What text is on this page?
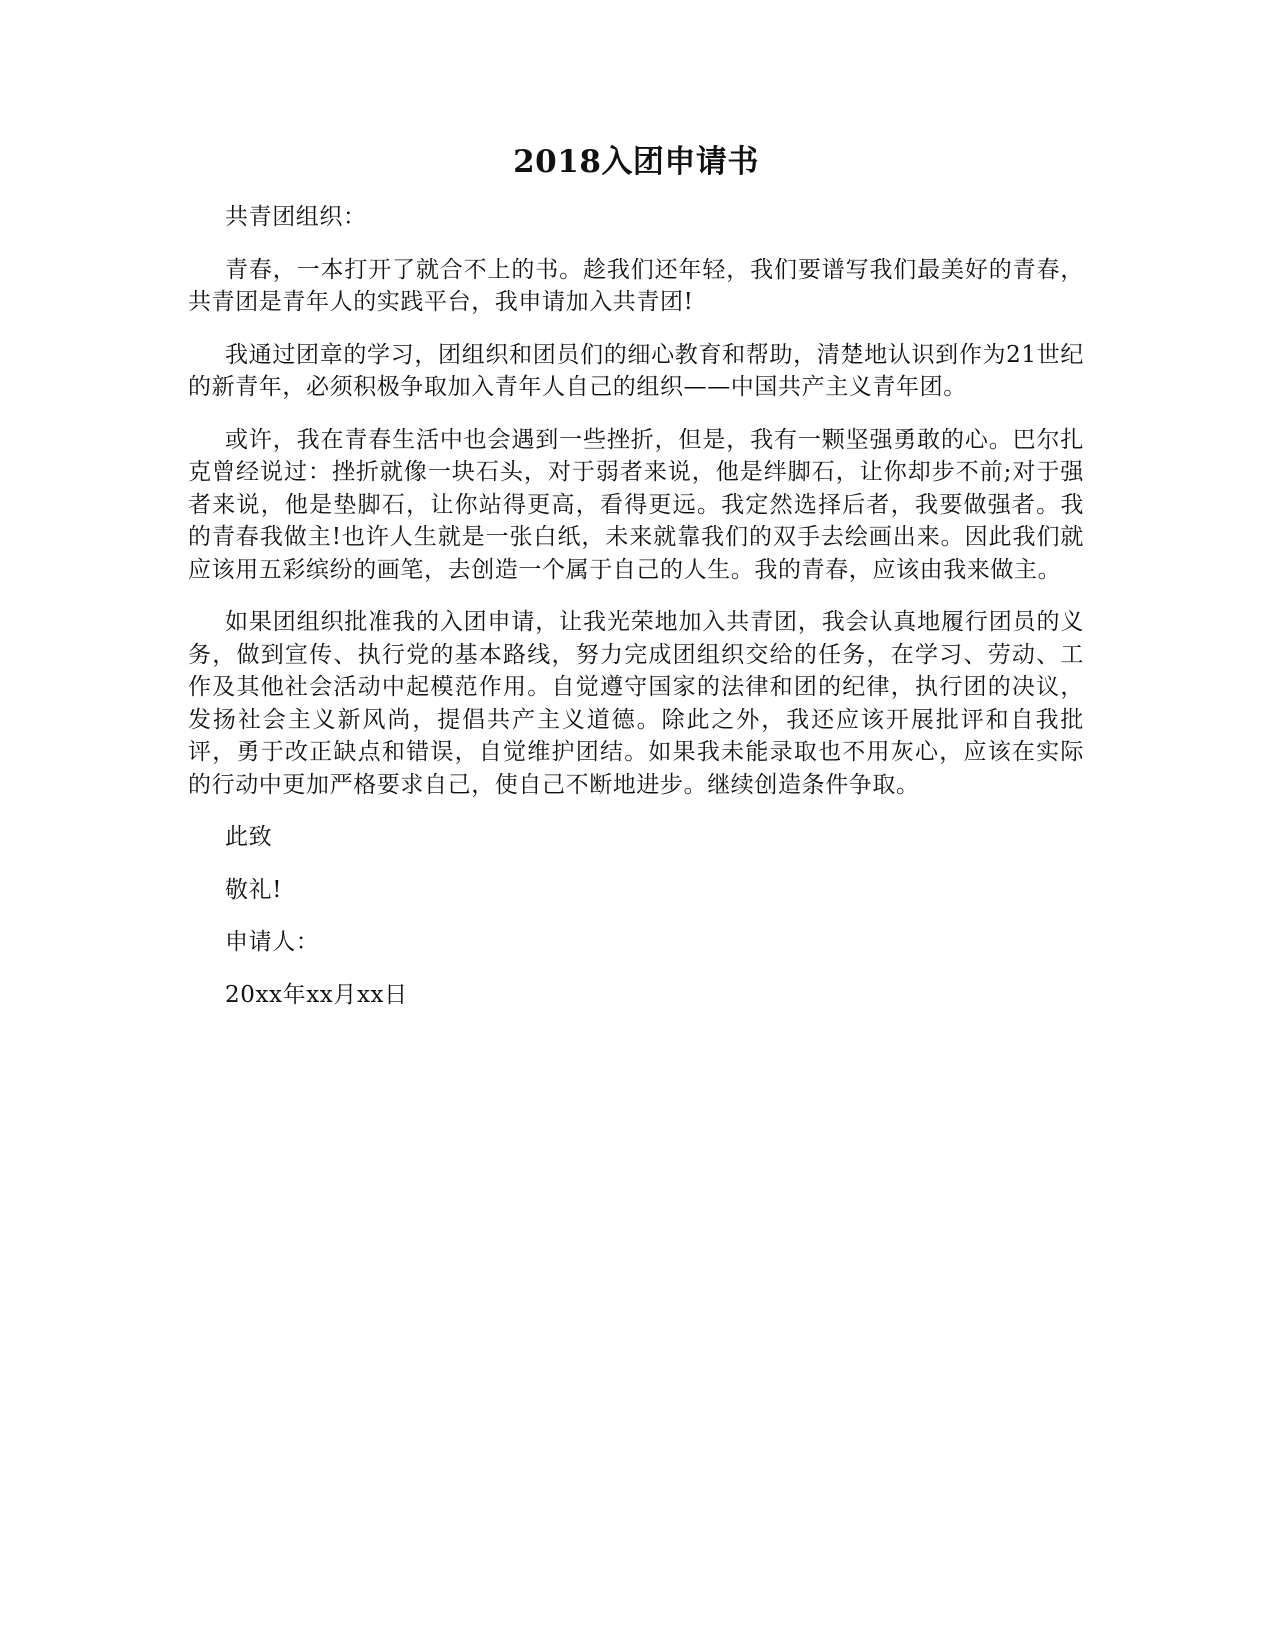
2018入团申请书

共青团组织：

青春，一本打开了就合不上的书。趁我们还年轻，我们要谱写我们最美好的青春，共青团是青年人的实践平台，我申请加入共青团!

我通过团章的学习，团组织和团员们的细心教育和帮助，清楚地认识到作为21世纪的新青年，必须积极争取加入青年人自己的组织——中国共产主义青年团。

或许，我在青春生活中也会遇到一些挫折，但是，我有一颗坚强勇敢的心。巴尔扎克曾经说过：挫折就像一块石头，对于弱者来说，他是绊脚石，让你却步不前;对于强者来说，他是垫脚石，让你站得更高，看得更远。我定然选择后者，我要做强者。我的青春我做主!也许人生就是一张白纸，未来就靠我们的双手去绘画出来。因此我们就应该用五彩缤纷的画笔，去创造一个属于自己的人生。我的青春，应该由我来做主。

如果团组织批准我的入团申请，让我光荣地加入共青团，我会认真地履行团员的义务，做到宣传、执行党的基本路线，努力完成团组织交给的任务，在学习、劳动、工作及其他社会活动中起模范作用。自觉遵守国家的法律和团的纪律，执行团的决议，发扬社会主义新风尚，提倡共产主义道德。除此之外，我还应该开展批评和自我批评，勇于改正缺点和错误，自觉维护团结。如果我未能录取也不用灰心，应该在实际的行动中更加严格要求自己，使自己不断地进步。继续创造条件争取。

此致

敬礼!

申请人：

20xx年xx月xx日
